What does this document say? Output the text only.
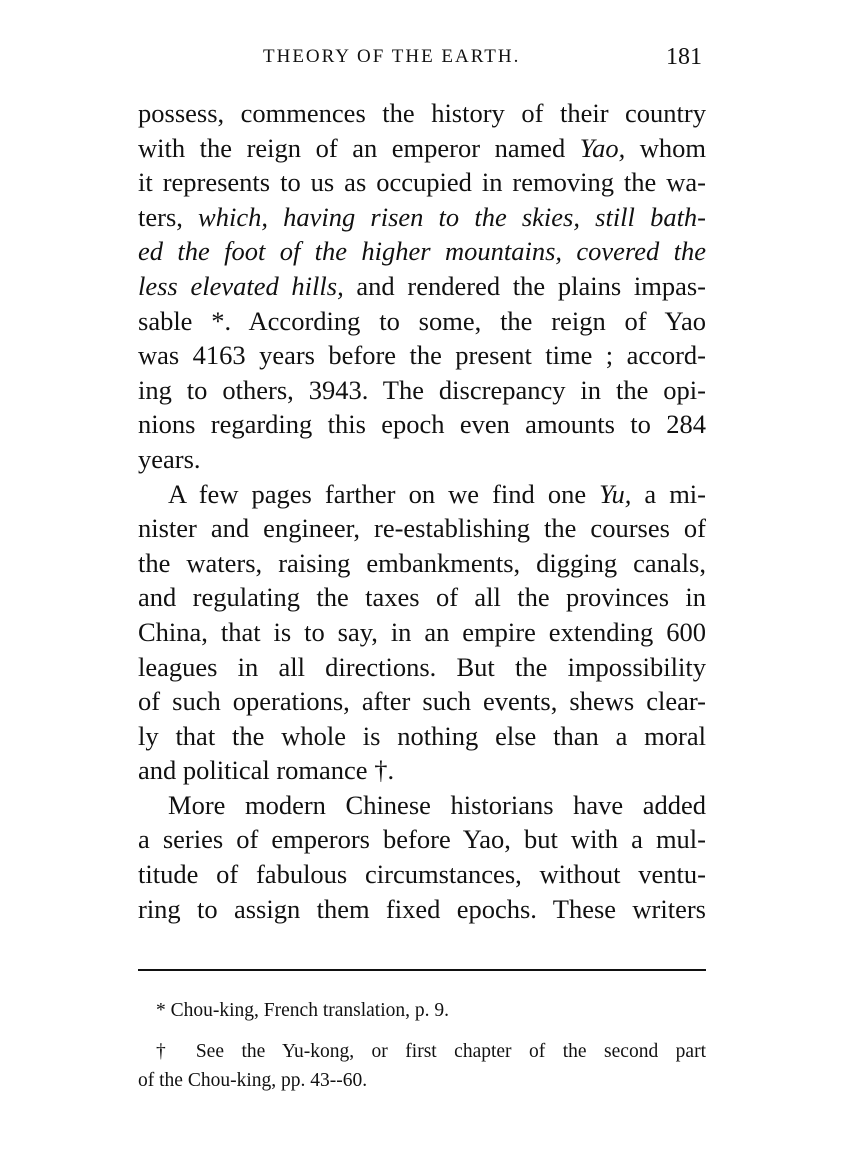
THEORY OF THE EARTH.	181
possess, commences the history of their country
with the reign of an emperor named Yao, whom
it represents to us as occupied in removing the wa-
ters, which, having risen to the skies, still bath-
ed the foot of the higher mountains, covered the
less elevated hills, and rendered the plains impas-
sable *. According to some, the reign of Yao
was 4163 years before the present time ; accord-
ing to others, 3943. The discrepancy in the opi-
nions regarding this epoch even amounts to 284
years.
A few pages farther on we find one Yu, a mi-
nister and engineer, re-establishing the courses of
the waters, raising embankments, digging canals,
and regulating the taxes of all the provinces in
China, that is to say, in an empire extending 600
leagues in all directions. But the impossibility
of such operations, after such events, shews clear-
ly that the whole is nothing else than a moral
and political romance †.
More modern Chinese historians have added
a series of emperors before Yao, but with a mul-
titude of fabulous circumstances, without ventu-
ring to assign them fixed epochs. These writers
* Chou-king, French translation, p. 9.
† See the Yu-kong, or first chapter of the second part
of the Chou-king, pp. 43--60.
